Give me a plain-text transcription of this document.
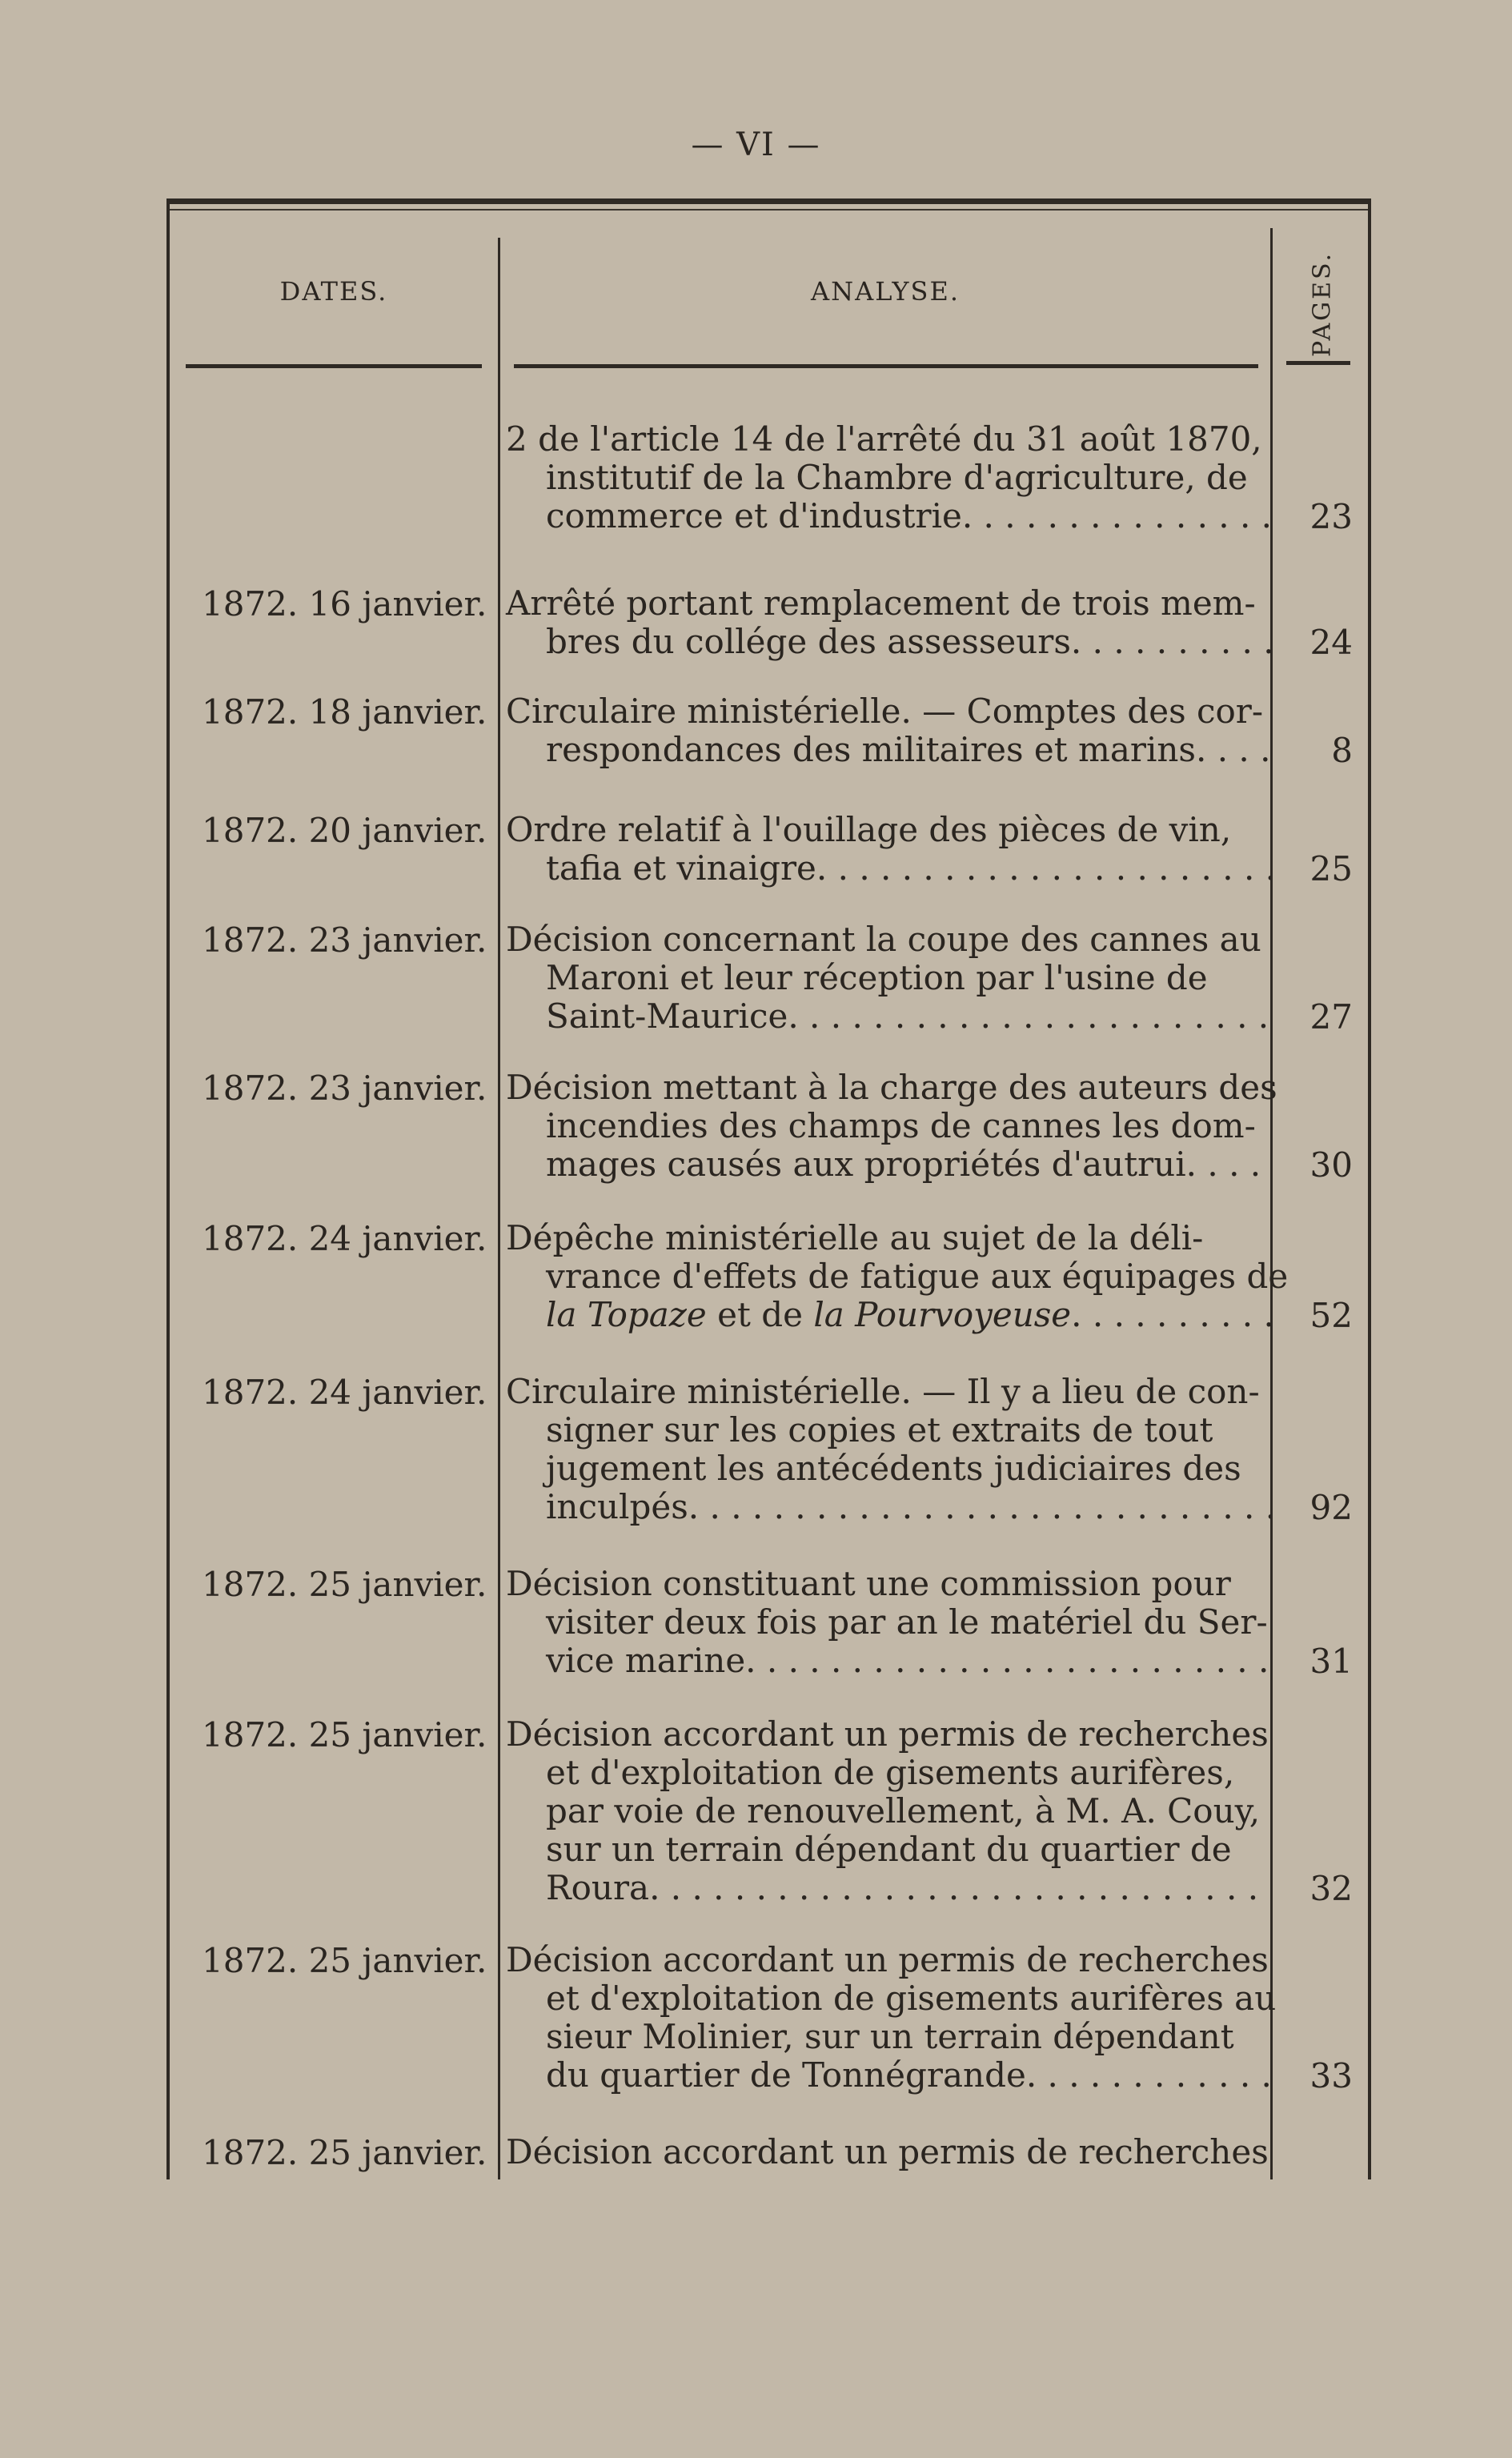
— VI —
DATES.	ANALYSE.	PAGES.
2 de l'article 14 de l'arrêté du 31 août 1870,
institutif de la Chambre d'agriculture, de
commerce et d'industrie . . .	23
1872. 16 janvier. Arrêté portant remplacement de trois mem-
bres du collége des assesseurs . . .	24
1872. 18 janvier. Circulaire ministérielle. — Comptes des cor-
respondances des militaires et marins . . .	8
1872. 20 janvier. Ordre relatif à l'ouillage des pièces de vin,
tafia et vinaigre . . .	25
1872. 23 janvier. Décision concernant la coupe des cannes au
Maroni et leur réception par l'usine de
Saint-Maurice . . .	27
1872. 23 janvier. Décision mettant à la charge des auteurs des
incendies des champs de cannes les dom-
mages causés aux propriétés d'autrui . . .	30
1872. 24 janvier. Dépêche ministérielle au sujet de la déli-
vrance d'effets de fatigue aux équipages de
la Topaze et de la Pourvoyeuse . . .	52
1872. 24 janvier. Circulaire ministérielle. — Il y a lieu de con-
signer sur les copies et extraits de tout
jugement les antécédents judiciaires des
inculpés . . .	92
1872. 25 janvier. Décision constituant une commission pour
visiter deux fois par an le matériel du Ser-
vice marine . . .	31
1872. 25 janvier. Décision accordant un permis de recherches
et d'exploitation de gisements aurifères,
par voie de renouvellement, à M. A. Couy,
sur un terrain dépendant du quartier de
Roura . . .	32
1872. 25 janvier. Décision accordant un permis de recherches
et d'exploitation de gisements aurifères au
sieur Molinier, sur un terrain dépendant
du quartier de Tonnégrande . . .	33
1872. 25 janvier. Décision accordant un permis de recherches
